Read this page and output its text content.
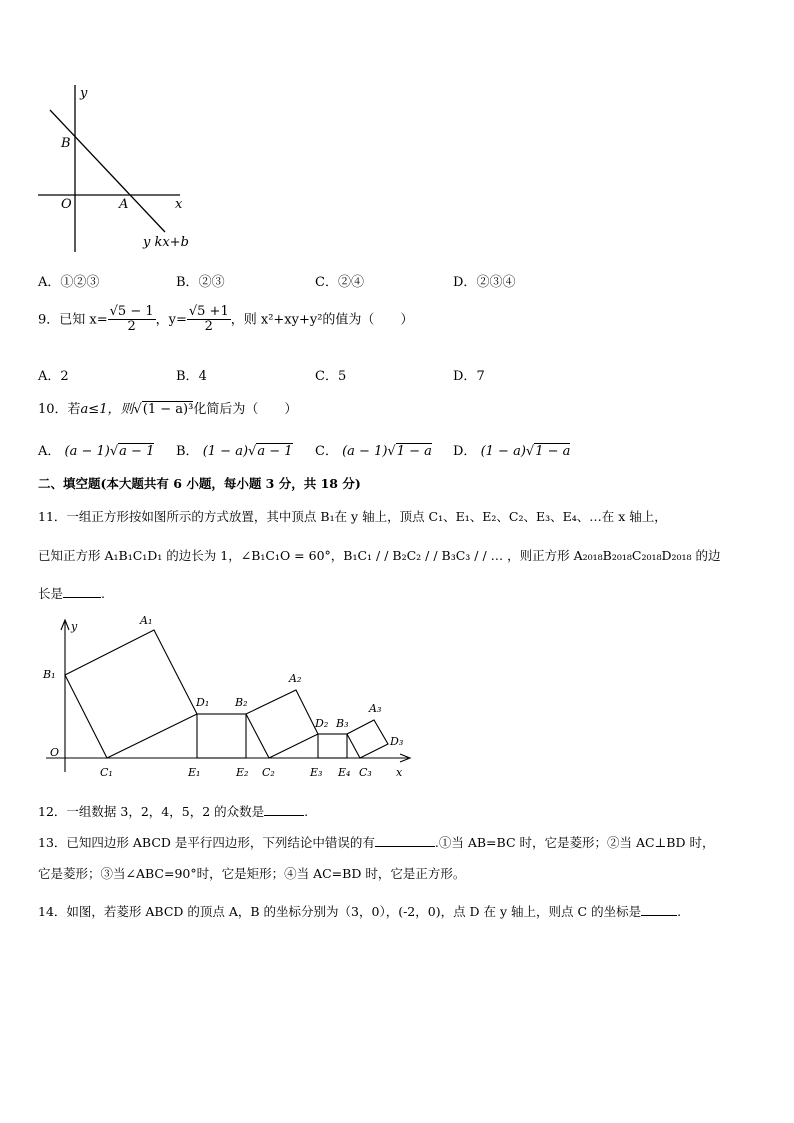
y
B
O	A	x
y kx+b
A．①②③	B．②③	C．②④	D．②③④
9．已知 $x= \frac{√5 - 1}{2}$ ，$y= \frac{√5 +1}{2}$ ，则 x²+xy+y²的值为（　　）
A．2	B．4	C．5	D．7
10．若a≤1，则√(1 − a)³化简后为（　　）
A． (a − 1)√a − 1 B． (1 − a)√a − 1 C． (a − 1)√1 − a D． (1 − a)√1 − a
二、填空题(本大题共有 6 小题，每小题 3 分，共 18 分)
11．一组正方形按如图所示的方式放置，其中顶点 B₁在 y 轴上，顶点 C₁、E₁、E₂、C₂、E₃、E₄、…在 x 轴上，
已知正方形 A₁B₁C₁D₁ 的边长为 1，∠B₁C₁O = 60°，B₁C₁ / / B₂C₂ / / B₃C₃ / / … ，则正方形 A₂₀₁₈B₂₀₁₈C₂₀₁₈D₂₀₁₈ 的边
长是	.
y
x
O
A₁
B₁
C₁
D₁
E₁
B₂
A₂
E₂ C₂
D₂ B₃
E₃ E₄ C₃
A₃
D₃
12．一组数据 3，2，4，5，2 的众数是	.
13．已知四边形 ABCD 是平行四边形，下列结论中错误的有	.①当 AB=BC 时，它是菱形；②当 AC⊥BD 时，
它是菱形；③当∠ABC=90°时，它是矩形；④当 AC=BD 时，它是正方形。
14．如图，若菱形 ABCD 的顶点 A，B 的坐标分别为（3，0），(-2，0)，点 D 在 y 轴上，则点 C 的坐标是	.
